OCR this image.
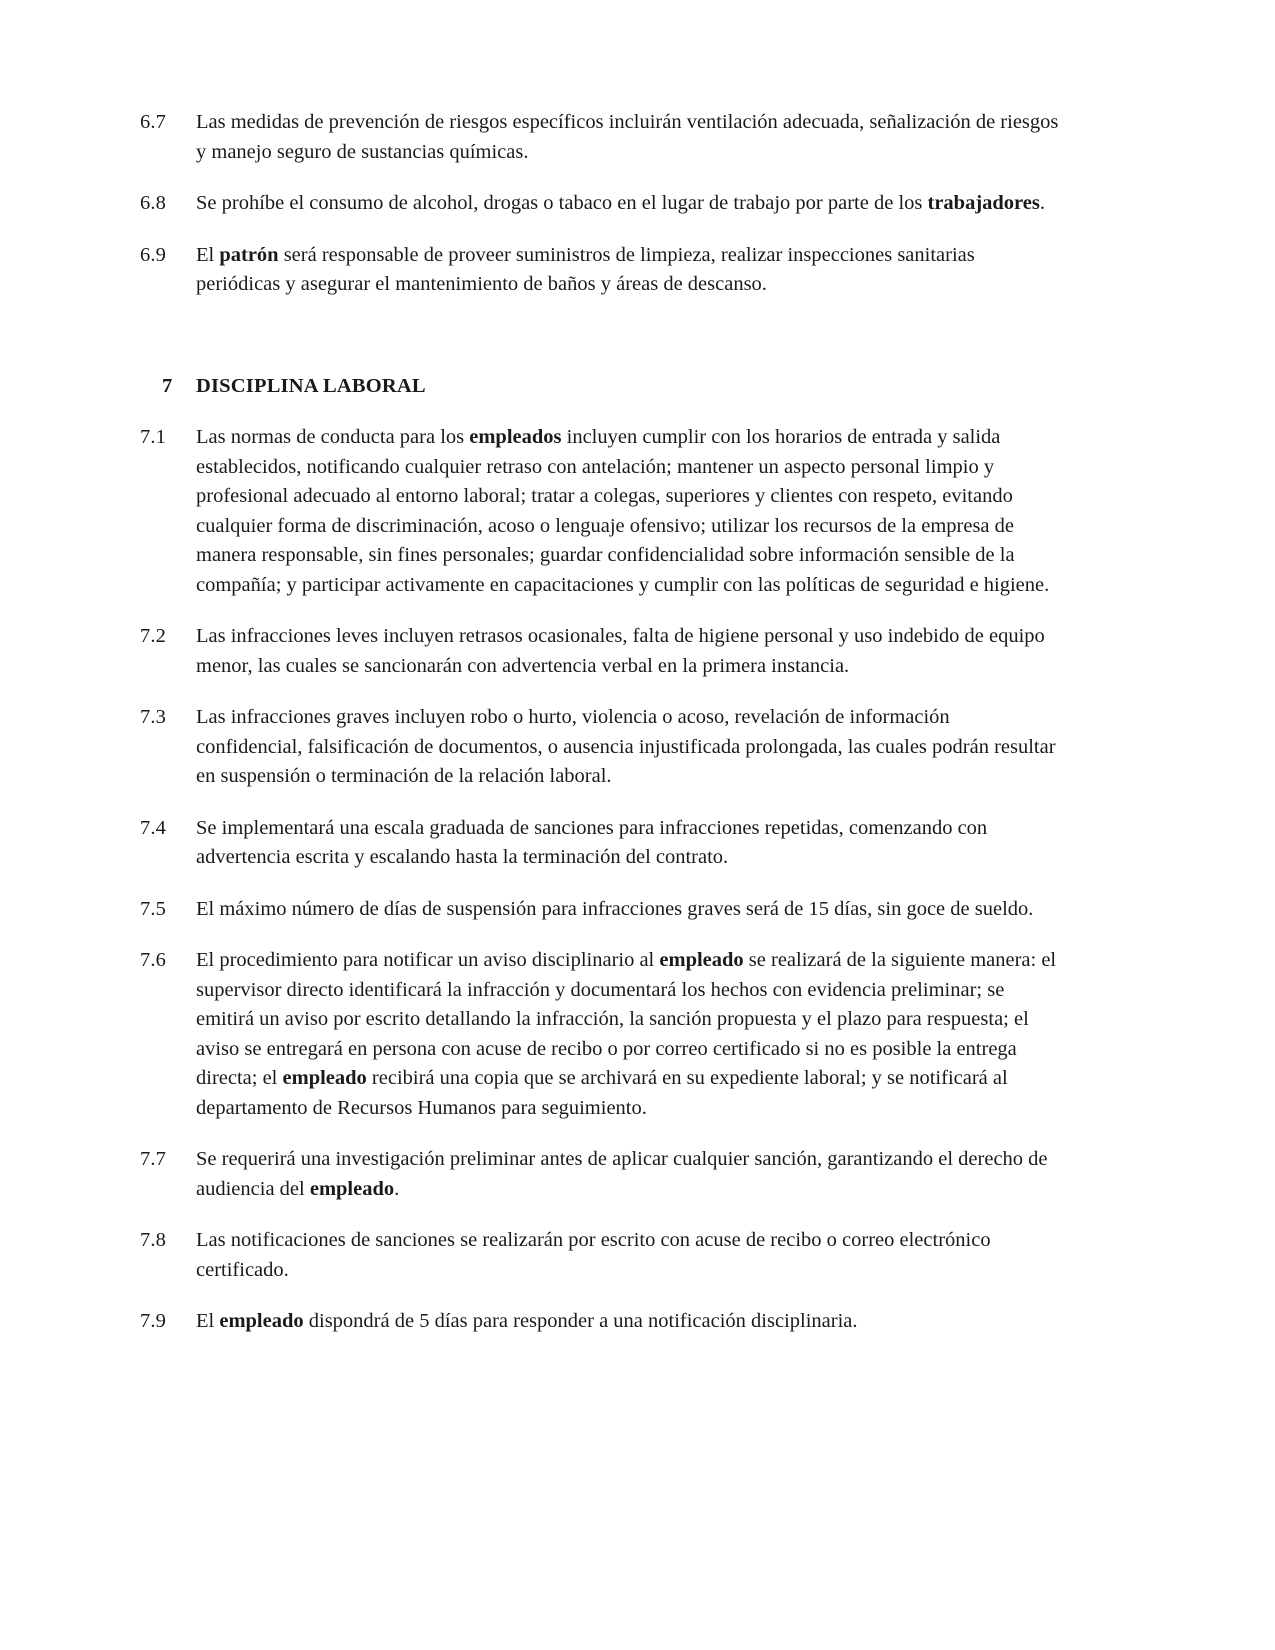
6.7	Las medidas de prevención de riesgos específicos incluirán ventilación adecuada, señalización de riesgos y manejo seguro de sustancias químicas.
6.8	Se prohíbe el consumo de alcohol, drogas o tabaco en el lugar de trabajo por parte de los trabajadores.
6.9	El patrón será responsable de proveer suministros de limpieza, realizar inspecciones sanitarias periódicas y asegurar el mantenimiento de baños y áreas de descanso.
7	DISCIPLINA LABORAL
7.1	Las normas de conducta para los empleados incluyen cumplir con los horarios de entrada y salida establecidos, notificando cualquier retraso con antelación; mantener un aspecto personal limpio y profesional adecuado al entorno laboral; tratar a colegas, superiores y clientes con respeto, evitando cualquier forma de discriminación, acoso o lenguaje ofensivo; utilizar los recursos de la empresa de manera responsable, sin fines personales; guardar confidencialidad sobre información sensible de la compañía; y participar activamente en capacitaciones y cumplir con las políticas de seguridad e higiene.
7.2	Las infracciones leves incluyen retrasos ocasionales, falta de higiene personal y uso indebido de equipo menor, las cuales se sancionarán con advertencia verbal en la primera instancia.
7.3	Las infracciones graves incluyen robo o hurto, violencia o acoso, revelación de información confidencial, falsificación de documentos, o ausencia injustificada prolongada, las cuales podrán resultar en suspensión o terminación de la relación laboral.
7.4	Se implementará una escala graduada de sanciones para infracciones repetidas, comenzando con advertencia escrita y escalando hasta la terminación del contrato.
7.5	El máximo número de días de suspensión para infracciones graves será de 15 días, sin goce de sueldo.
7.6	El procedimiento para notificar un aviso disciplinario al empleado se realizará de la siguiente manera: el supervisor directo identificará la infracción y documentará los hechos con evidencia preliminar; se emitirá un aviso por escrito detallando la infracción, la sanción propuesta y el plazo para respuesta; el aviso se entregará en persona con acuse de recibo o por correo certificado si no es posible la entrega directa; el empleado recibirá una copia que se archivará en su expediente laboral; y se notificará al departamento de Recursos Humanos para seguimiento.
7.7	Se requerirá una investigación preliminar antes de aplicar cualquier sanción, garantizando el derecho de audiencia del empleado.
7.8	Las notificaciones de sanciones se realizarán por escrito con acuse de recibo o correo electrónico certificado.
7.9	El empleado dispondrá de 5 días para responder a una notificación disciplinaria.
